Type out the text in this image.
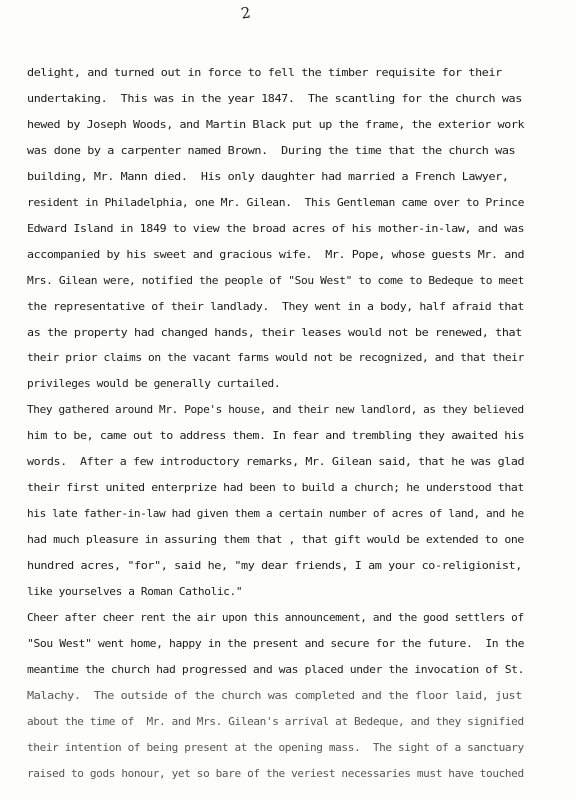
2
delight, and turned out in force to fell the timber requisite for their
undertaking.  This was in the year 1847.  The scantling for the church was
hewed by Joseph Woods, and Martin Black put up the frame, the exterior work
was done by a carpenter named Brown.  During the time that the church was
building, Mr. Mann died.  His only daughter had married a French Lawyer,
resident in Philadelphia, one Mr. Gilean.  This Gentleman came over to Prince
Edward Island in 1849 to view the broad acres of his mother-in-law, and was
accompanied by his sweet and gracious wife.  Mr. Pope, whose guests Mr. and
Mrs. Gilean were, notified the people of "Sou West" to come to Bedeque to meet
the representative of their landlady.  They went in a body, half afraid that
as the property had changed hands, their leases would not be renewed, that
their prior claims on the vacant farms would not be recognized, and that their
privileges would be generally curtailed.
They gathered around Mr. Pope's house, and their new landlord, as they believed
him to be, came out to address them. In fear and trembling they awaited his
words.  After a few introductory remarks, Mr. Gilean said, that he was glad
their first united enterprize had been to build a church; he understood that
his late father-in-law had given them a certain number of acres of land, and he
had much pleasure in assuring them that , that gift would be extended to one
hundred acres, "for", said he, "my dear friends, I am your co-religionist,
like yourselves a Roman Catholic."
Cheer after cheer rent the air upon this announcement, and the good settlers of
"Sou West" went home, happy in the present and secure for the future.  In the
meantime the church had progressed and was placed under the invocation of St.
Malachy.  The outside of the church was completed and the floor laid, just
about the time of  Mr. and Mrs. Gilean's arrival at Bedeque, and they signified
their intention of being present at the opening mass.  The sight of a sanctuary
raised to gods honour, yet so bare of the veriest necessaries must have touched
